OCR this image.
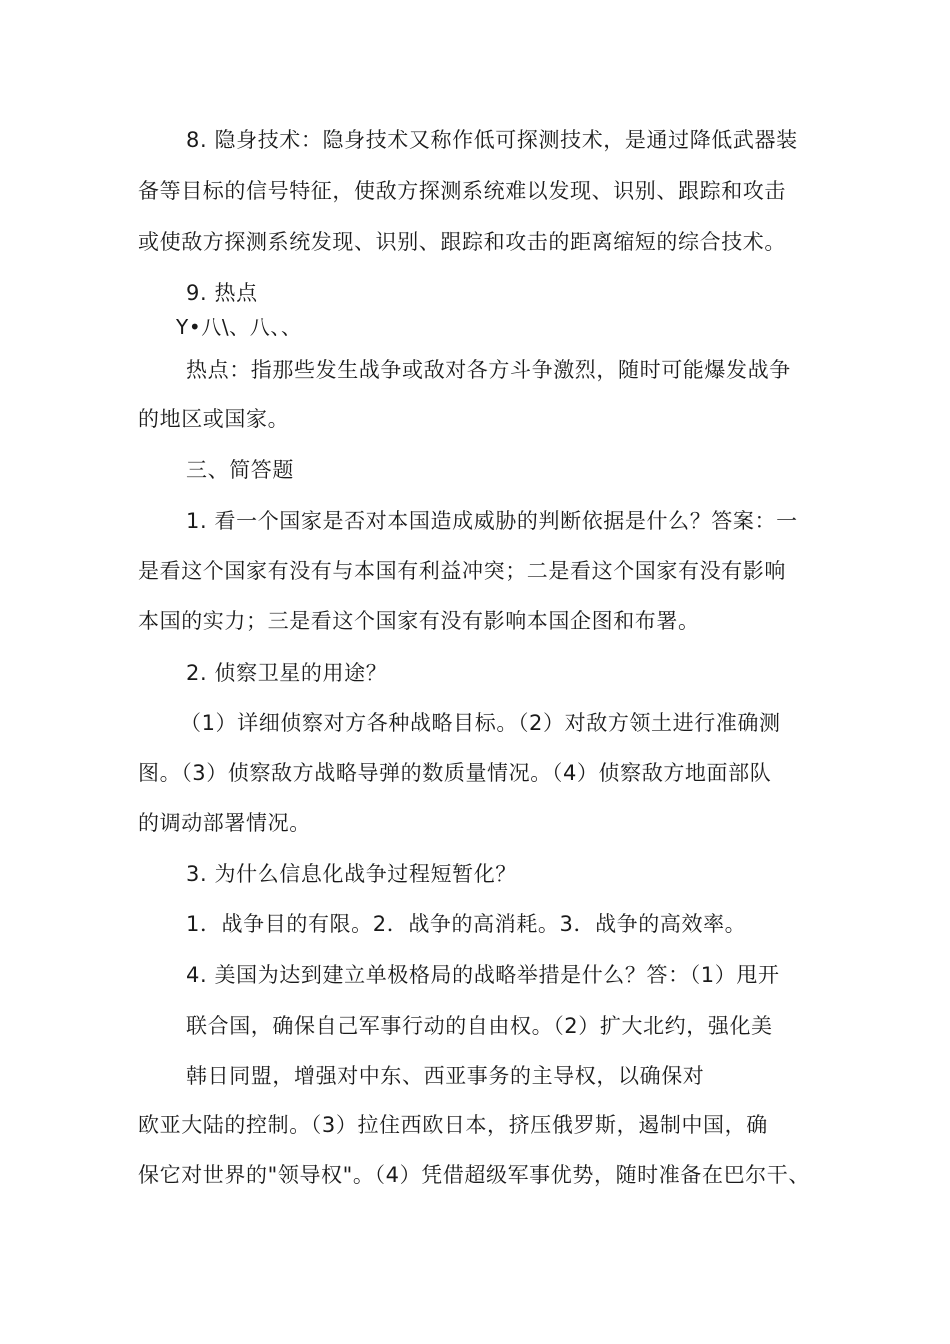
8. 隐身技术：隐身技术又称作低可探测技术，是通过降低武器装
备等目标的信号特征，使敌方探测系统难以发现、识别、跟踪和攻击
或使敌方探测系统发现、识别、跟踪和攻击的距离缩短的综合技术。
9. 热点
Y•八\、八、、
热点：指那些发生战争或敌对各方斗争激烈，随时可能爆发战争
的地区或国家。
三、简答题
1. 看一个国家是否对本国造成威胁的判断依据是什么？答案：一
是看这个国家有没有与本国有利益冲突；二是看这个国家有没有影响
本国的实力；三是看这个国家有没有影响本国企图和布署。
2. 侦察卫星的用途？
（1）详细侦察对方各种战略目标。（2）对敌方领土进行准确测
图。（3）侦察敌方战略导弹的数质量情况。（4）侦察敌方地面部队
的调动部署情况。
3. 为什么信息化战争过程短暂化？
1．战争目的有限。2．战争的高消耗。3．战争的高效率。
4. 美国为达到建立单极格局的战略举措是什么？答：（1）甩开
联合国，确保自己军事行动的自由权。（2）扩大北约，强化美
韩日同盟，增强对中东、西亚事务的主导权，以确保对
欧亚大陆的控制。（3）拉住西欧日本，挤压俄罗斯，遏制中国，确
保它对世界的"领导权"。（4）凭借超级军事优势，随时准备在巴尔干、
